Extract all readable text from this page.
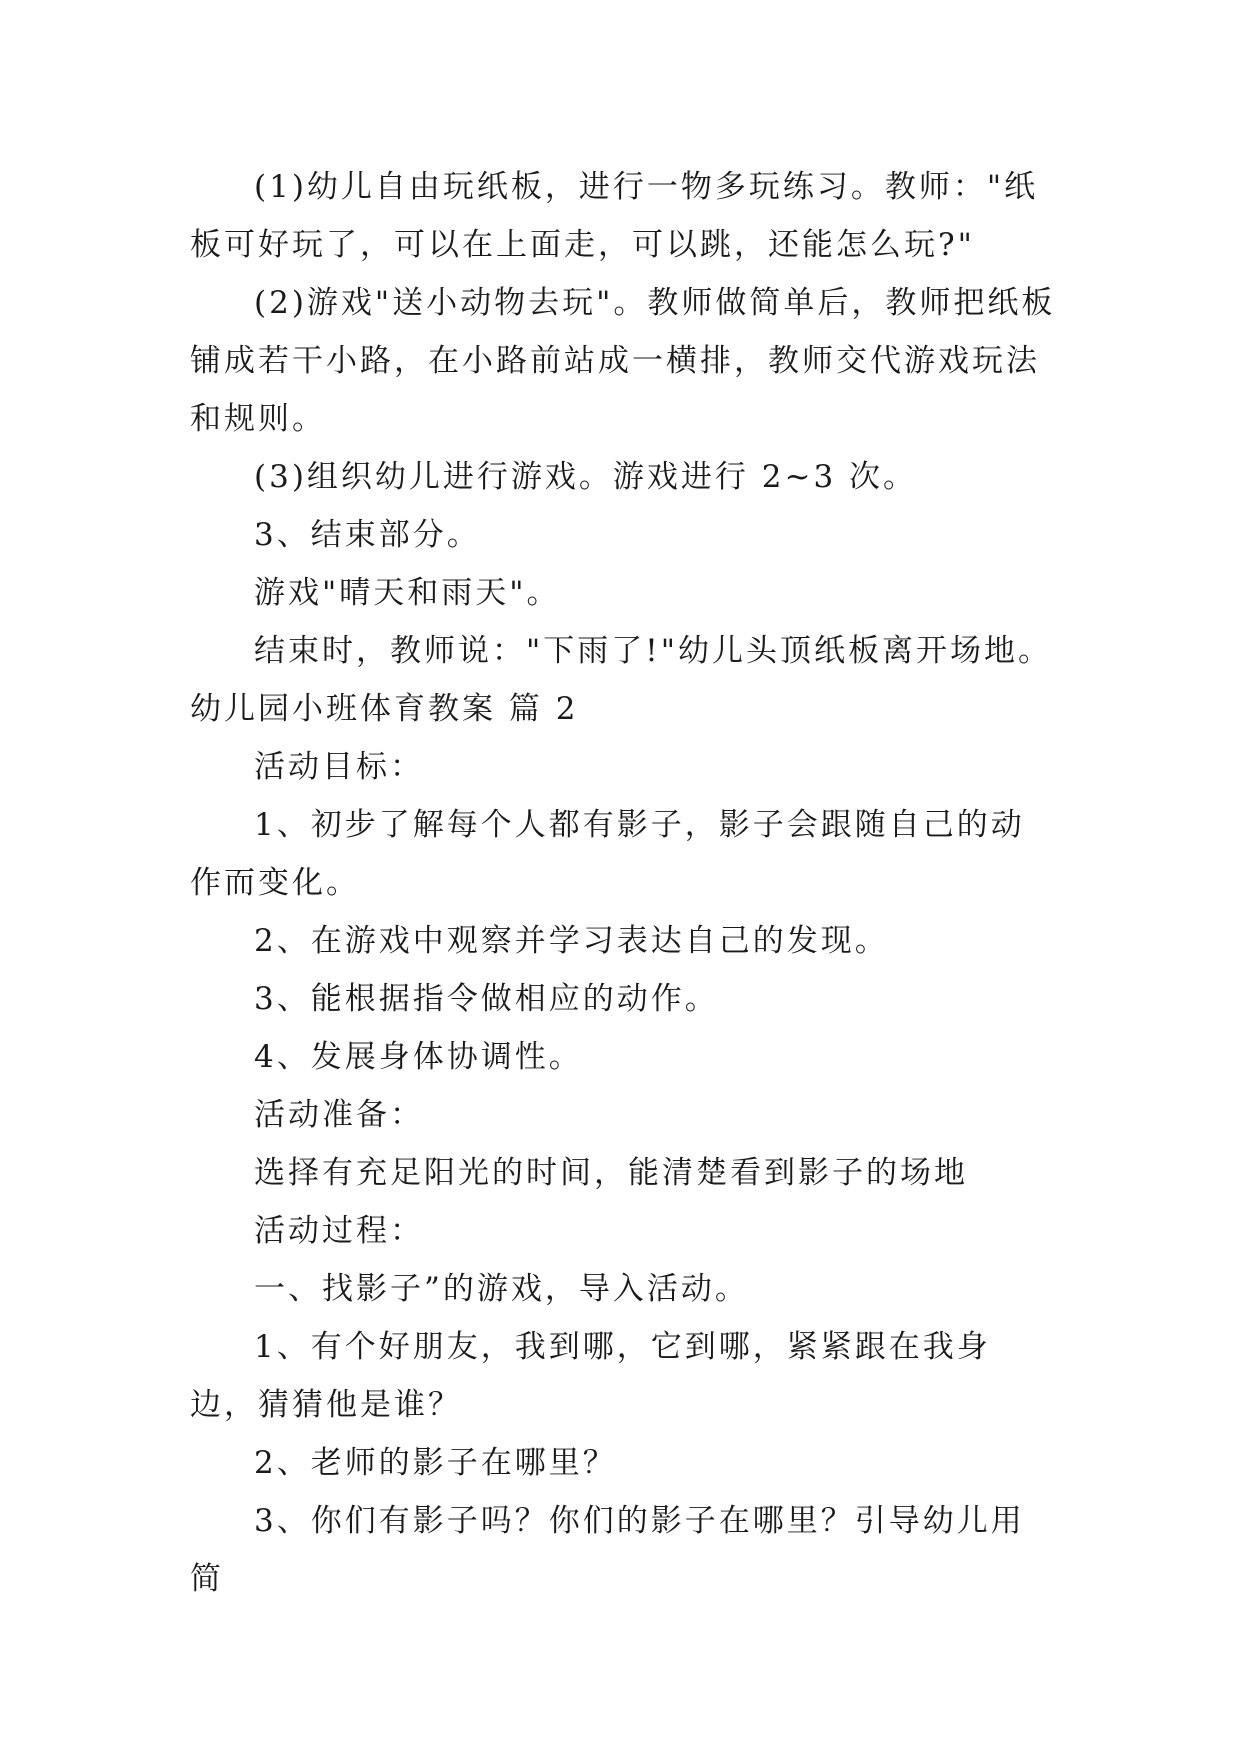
(1)幼儿自由玩纸板，进行一物多玩练习。教师："纸板可好玩了，可以在上面走，可以跳，还能怎么玩?"

(2)游戏"送小动物去玩"。教师做简单后，教师把纸板铺成若干小路，在小路前站成一横排，教师交代游戏玩法和规则。

(3)组织幼儿进行游戏。游戏进行 2~3 次。

3、结束部分。

游戏"晴天和雨天"。

结束时，教师说："下雨了!"幼儿头顶纸板离开场地。

幼儿园小班体育教案 篇 2

活动目标：

1、初步了解每个人都有影子，影子会跟随自己的动作而变化。

2、在游戏中观察并学习表达自己的发现。

3、能根据指令做相应的动作。

4、发展身体协调性。

活动准备：

选择有充足阳光的时间，能清楚看到影子的场地

活动过程：

一、找影子”的游戏，导入活动。

1、有个好朋友，我到哪，它到哪，紧紧跟在我身边，猜猜他是谁？

2、老师的影子在哪里？

3、你们有影子吗？你们的影子在哪里？引导幼儿用简
